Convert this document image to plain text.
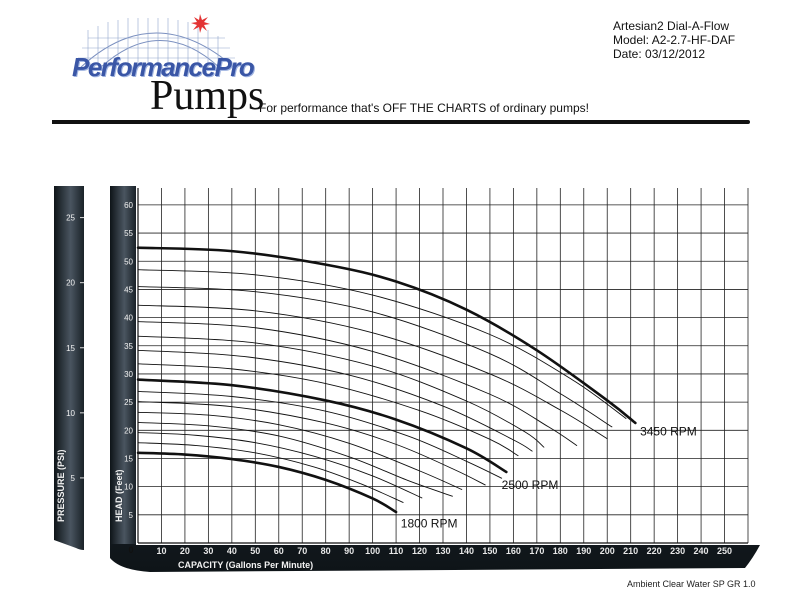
PerformancePro
Pumps
For performance that's OFF THE CHARTS of ordinary pumps!
Artesian2 Dial-A-Flow
Model: A2-2.7-HF-DAF
Date: 03/12/2012
0	10 20 30 40 50 60 70 80 90 100 110 120 130 140 150 160 170 180 190 200 210 220 230 240 250
5
10
15
20
25
30
35
40
45
50
55
60
5
10
15
20
25
CAPACITY (Gallons Per Minute)
HEAD (Feet)
PRESSURE (PSI)
1800 RPM
2500 RPM
3450 RPM
Ambient Clear Water SP GR 1.0
